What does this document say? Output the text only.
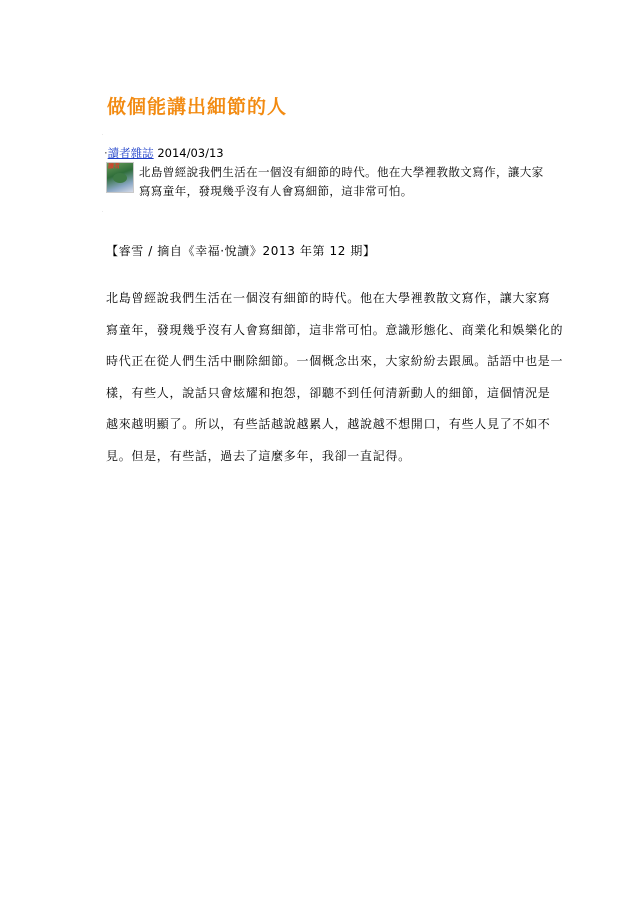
做個能講出細節的人
.
·讀者雜誌 2014/03/13
讀者 北島曾經說我們生活在一個沒有細節的時代。他在大學裡教散文寫作，讓大家

寫寫童年，發現幾乎沒有人會寫細節，這非常可怕。

.
【睿雪 / 摘自《幸福·悅讀》2013 年第 12 期】

北島曾經說我們生活在一個沒有細節的時代。他在大學裡教散文寫作，讓大家寫

寫童年，發現幾乎沒有人會寫細節，這非常可怕。意識形態化、商業化和娛樂化的

時代正在從人們生活中刪除細節。一個概念出來，大家紛紛去跟風。話語中也是一

樣，有些人，說話只會炫耀和抱怨，卻聽不到任何清新動人的細節，這個情況是

越來越明顯了。所以，有些話越說越累人，越說越不想開口，有些人見了不如不

見。但是，有些話，過去了這麼多年，我卻一直記得。
